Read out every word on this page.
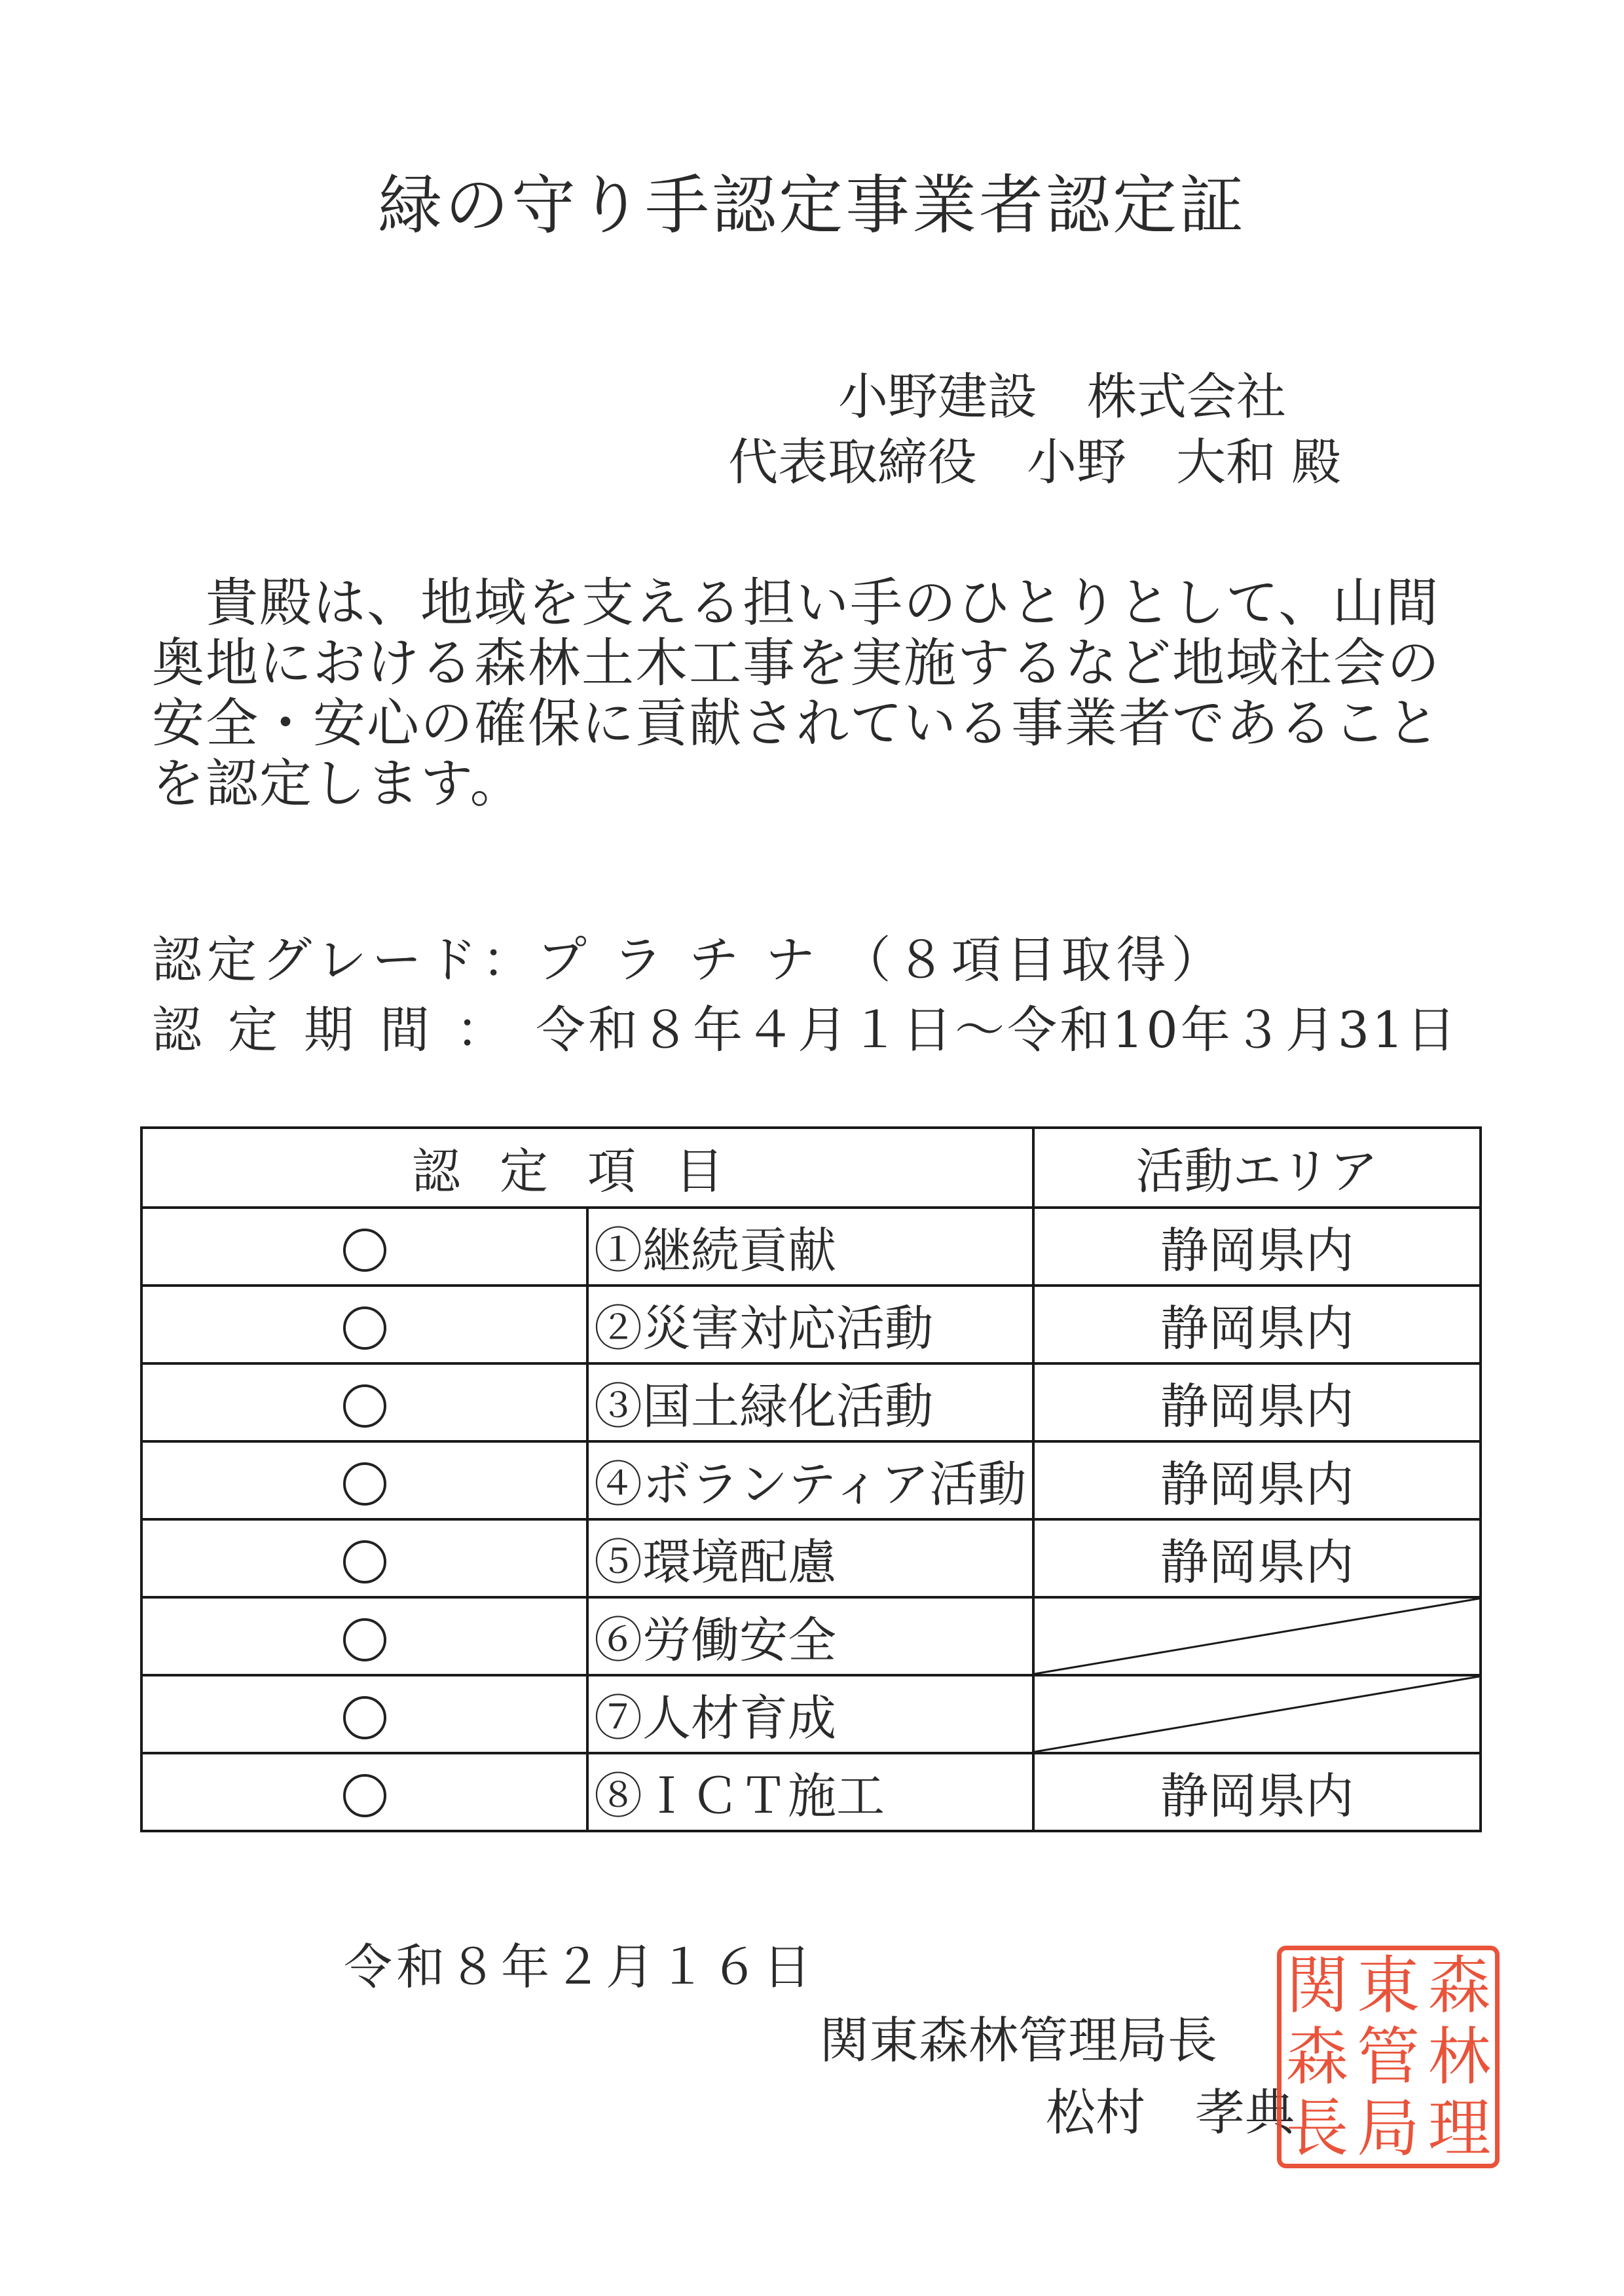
緑の守り手認定事業者認定証
小野建設　株式会社
代表取締役　小野　大和 殿
　貴殿は、地域を支える担い手のひとりとして、山間
奥地における森林土木工事を実施するなど地域社会の
安全・安心の確保に貢献されている事業者であること
を認定します。
認定グレード：プ ラ チ ナ （８項目取得）
認定期間：　 令和８年４月１日～令和10年３月31日
認定項目		活動エリア
	①継続貢献	静岡県内
	②災害対応活動	静岡県内
	③国土緑化活動	静岡県内
	④ボランティア活動	静岡県内
	⑤環境配慮	静岡県内
	⑥労働安全	

	⑦人材育成	

	⑧ＩＣＴ施工	静岡県内
令和８年２月１６日
関東森林管理局長
松村　孝典
関 東 森
森 管 林
長 局 理
